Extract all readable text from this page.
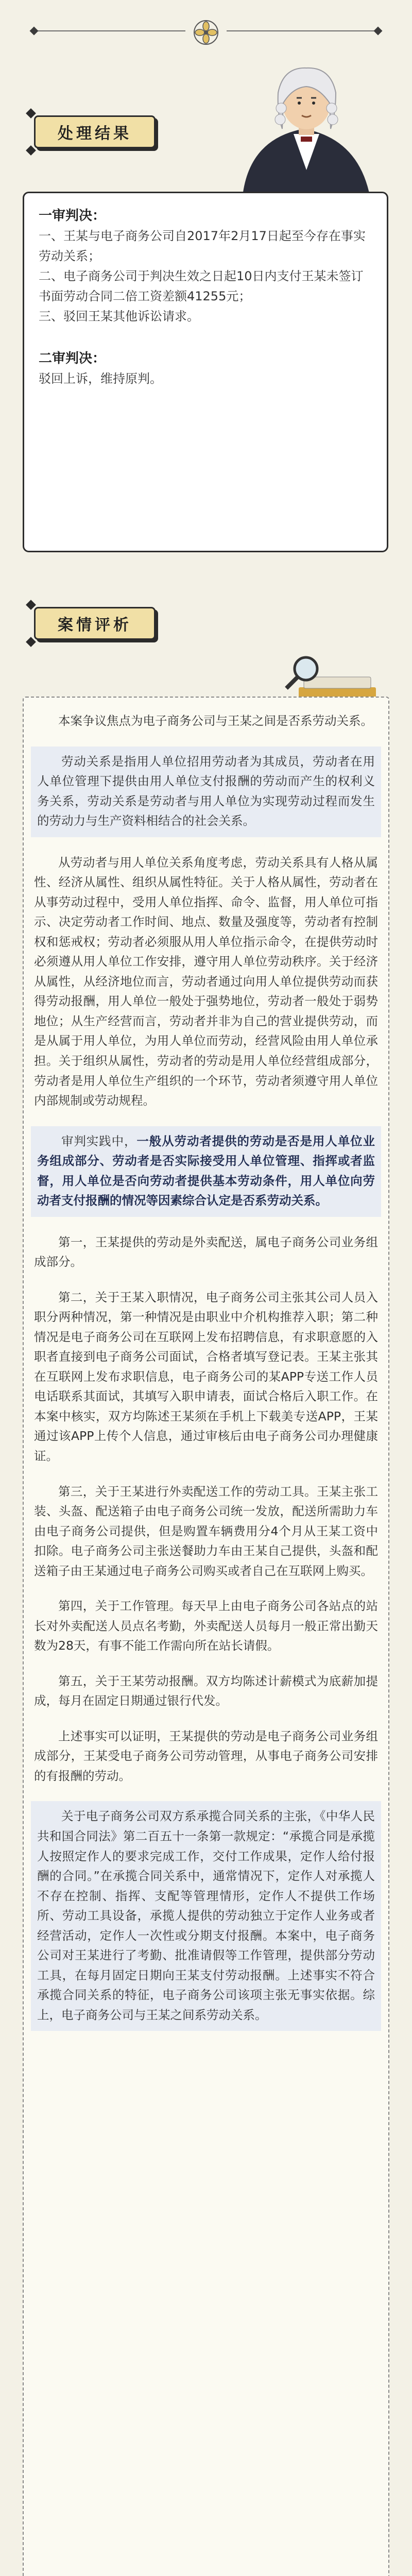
处理结果

一审判决：

一、王某与电子商务公司自2017年2月17日起至今存在事实劳动关系；

二、电子商务公司于判决生效之日起10日内支付王某未签订书面劳动合同二倍工资差额41255元；

三、驳回王某其他诉讼请求。

二审判决：

驳回上诉，维持原判。

案情评析

本案争议焦点为电子商务公司与王某之间是否系劳动关系。

劳动关系是指用人单位招用劳动者为其成员，劳动者在用人单位管理下提供由用人单位支付报酬的劳动而产生的权利义务关系，劳动关系是劳动者与用人单位为实现劳动过程而发生的劳动力与生产资料相结合的社会关系。

从劳动者与用人单位关系角度考虑，劳动关系具有人格从属性、经济从属性、组织从属性特征。关于人格从属性，劳动者在从事劳动过程中，受用人单位指挥、命令、监督，用人单位可指示、决定劳动者工作时间、地点、数量及强度等，劳动者有控制权和惩戒权；劳动者必须服从用人单位指示命令，在提供劳动时必须遵从用人单位工作安排，遵守用人单位劳动秩序。关于经济从属性，从经济地位而言，劳动者通过向用人单位提供劳动而获得劳动报酬，用人单位一般处于强势地位，劳动者一般处于弱势地位；从生产经营而言，劳动者并非为自己的营业提供劳动，而是从属于用人单位，为用人单位而劳动，经营风险由用人单位承担。关于组织从属性，劳动者的劳动是用人单位经营组成部分，劳动者是用人单位生产组织的一个环节，劳动者须遵守用人单位内部规制或劳动规程。

审判实践中，一般从劳动者提供的劳动是否是用人单位业务组成部分、劳动者是否实际接受用人单位管理、指挥或者监督，用人单位是否向劳动者提供基本劳动条件，用人单位向劳动者支付报酬的情况等因素综合认定是否系劳动关系。

第一，王某提供的劳动是外卖配送，属电子商务公司业务组成部分。

第二，关于王某入职情况，电子商务公司主张其公司人员入职分两种情况，第一种情况是由职业中介机构推荐入职；第二种情况是电子商务公司在互联网上发布招聘信息，有求职意愿的入职者直接到电子商务公司面试，合格者填写登记表。王某主张其在互联网上发布求职信息，电子商务公司的某APP专送工作人员电话联系其面试，其填写入职申请表，面试合格后入职工作。在本案中核实，双方均陈述王某须在手机上下载美专送APP，王某通过该APP上传个人信息，通过审核后由电子商务公司办理健康证。

第三，关于王某进行外卖配送工作的劳动工具。王某主张工装、头盔、配送箱子由电子商务公司统一发放，配送所需助力车由电子商务公司提供，但是购置车辆费用分4个月从王某工资中扣除。电子商务公司主张送餐助力车由王某自己提供，头盔和配送箱子由王某通过电子商务公司购买或者自己在互联网上购买。

第四，关于工作管理。每天早上由电子商务公司各站点的站长对外卖配送人员点名考勤，外卖配送人员每月一般正常出勤天数为28天，有事不能工作需向所在站长请假。

第五，关于王某劳动报酬。双方均陈述计薪模式为底薪加提成，每月在固定日期通过银行代发。

上述事实可以证明，王某提供的劳动是电子商务公司业务组成部分，王某受电子商务公司劳动管理，从事电子商务公司安排的有报酬的劳动。

关于电子商务公司双方系承揽合同关系的主张，《中华人民共和国合同法》第二百五十一条第一款规定：“承揽合同是承揽人按照定作人的要求完成工作，交付工作成果，定作人给付报酬的合同。”在承揽合同关系中，通常情况下，定作人对承揽人不存在控制、指挥、支配等管理情形，定作人不提供工作场所、劳动工具设备，承揽人提供的劳动独立于定作人业务或者经营活动，定作人一次性或分期支付报酬。本案中，电子商务公司对王某进行了考勤、批准请假等工作管理，提供部分劳动工具，在每月固定日期向王某支付劳动报酬。上述事实不符合承揽合同关系的特征，电子商务公司该项主张无事实依据。综上，电子商务公司与王某之间系劳动关系。
